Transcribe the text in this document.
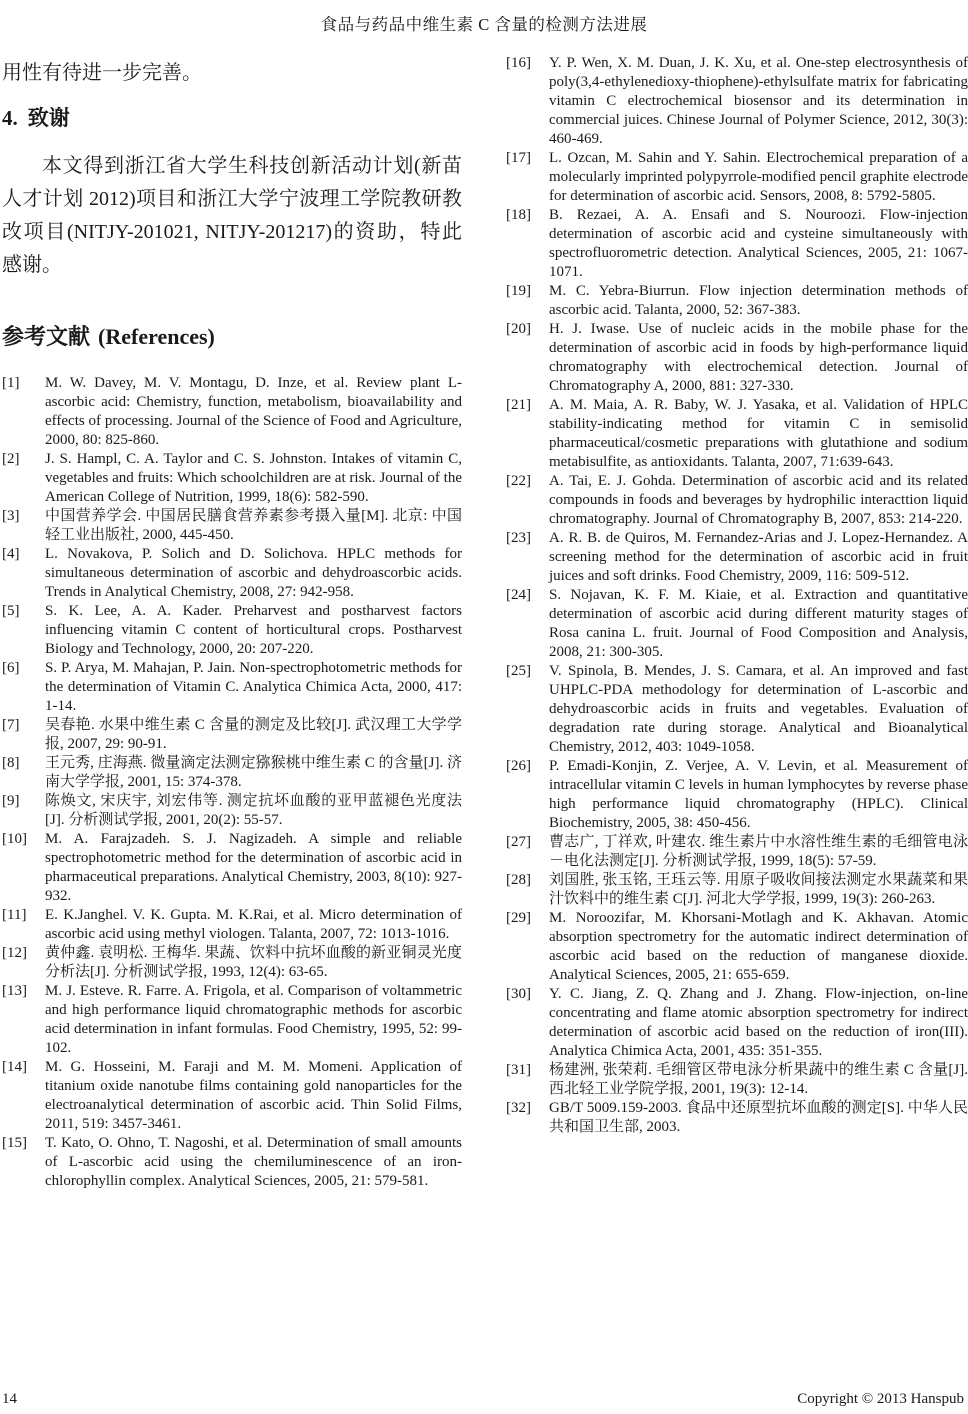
食品与药品中维生素 C 含量的检测方法进展

用性有待进一步完善。

4. 致谢

本文得到浙江省大学生科技创新活动计划(新苗人才计划 2012)项目和浙江大学宁波理工学院教研教改项目(NITJY-201021, NITJY-201217)的资助，特此感谢。

参考文献 (References)
[1] M. W. Davey, M. V. Montagu, D. Inze, et al. Review plant L-ascorbic acid: Chemistry, function, metabolism, bioavailability and effects of processing. Journal of the Science of Food and Agriculture, 2000, 80: 825-860.
[2] J. S. Hampl, C. A. Taylor and C. S. Johnston. Intakes of vitamin C, vegetables and fruits: Which schoolchildren are at risk. Journal of the American College of Nutrition, 1999, 18(6): 582-590.
[3] 中国营养学会. 中国居民膳食营养素参考摄入量[M]. 北京: 中国轻工业出版社, 2000, 445-450.
[4] L. Novakova, P. Solich and D. Solichova. HPLC methods for simultaneous determination of ascorbic and dehydroascorbic acids. Trends in Analytical Chemistry, 2008, 27: 942-958.
[5] S. K. Lee, A. A. Kader. Preharvest and postharvest factors influencing vitamin C content of horticultural crops. Postharvest Biology and Technology, 2000, 20: 207-220.
[6] S. P. Arya, M. Mahajan, P. Jain. Non-spectrophotometric methods for the determination of Vitamin C. Analytica Chimica Acta, 2000, 417: 1-14.
[7] 吴春艳. 水果中维生素 C 含量的测定及比较[J]. 武汉理工大学学报, 2007, 29: 90-91.
[8] 王元秀, 庄海燕. 微量滴定法测定猕猴桃中维生素 C 的含量[J]. 济南大学学报, 2001, 15: 374-378.
[9] 陈焕文, 宋庆宇, 刘宏伟等. 测定抗坏血酸的亚甲蓝褪色光度法[J]. 分析测试学报, 2001, 20(2): 55-57.
[10] M. A. Farajzadeh. S. J. Nagizadeh. A simple and reliable spectrophotometric method for the determination of ascorbic acid in pharmaceutical preparations. Analytical Chemistry, 2003, 8(10): 927-932.
[11] E. K.Janghel. V. K. Gupta. M. K.Rai, et al. Micro determination of ascorbic acid using methyl viologen. Talanta, 2007, 72: 1013-1016.
[12] 黄仲鑫. 袁明松. 王梅华. 果蔬、饮料中抗坏血酸的新亚铜灵光度分析法[J]. 分析测试学报, 1993, 12(4): 63-65.
[13] M. J. Esteve. R. Farre. A. Frigola, et al. Comparison of voltammetric and high performance liquid chromatographic methods for ascorbic acid determination in infant formulas. Food Chemistry, 1995, 52: 99-102.
[14] M. G. Hosseini, M. Faraji and M. M. Momeni. Application of titanium oxide nanotube films containing gold nanoparticles for the electroanalytical determination of ascorbic acid. Thin Solid Films, 2011, 519: 3457-3461.
[15] T. Kato, O. Ohno, T. Nagoshi, et al. Determination of small amounts of L-ascorbic acid using the chemiluminescence of an iron-chlorophyllin complex. Analytical Sciences, 2005, 21: 579-581.
[16] Y. P. Wen, X. M. Duan, J. K. Xu, et al. One-step electrosynthesis of poly(3,4-ethylenedioxy-thiophene)-ethylsulfate matrix for fabricating vitamin C electrochemical biosensor and its determination in commercial juices. Chinese Journal of Polymer Science, 2012, 30(3): 460-469.
[17] L. Ozcan, M. Sahin and Y. Sahin. Electrochemical preparation of a molecularly imprinted polypyrrole-modified pencil graphite electrode for determination of ascorbic acid. Sensors, 2008, 8: 5792-5805.
[18] B. Rezaei, A. A. Ensafi and S. Nouroozi. Flow-injection determination of ascorbic acid and cysteine simultaneously with spectrofluorometric detection. Analytical Sciences, 2005, 21: 1067-1071.
[19] M. C. Yebra-Biurrun. Flow injection determination methods of ascorbic acid. Talanta, 2000, 52: 367-383.
[20] H. J. Iwase. Use of nucleic acids in the mobile phase for the determination of ascorbic acid in foods by high-performance liquid chromatography with electrochemical detection. Journal of Chromatography A, 2000, 881: 327-330.
[21] A. M. Maia, A. R. Baby, W. J. Yasaka, et al. Validation of HPLC stability-indicating method for vitamin C in semisolid pharmaceutical/cosmetic preparations with glutathione and sodium metabisulfite, as antioxidants. Talanta, 2007, 71:639-643.
[22] A. Tai, E. J. Gohda. Determination of ascorbic acid and its related compounds in foods and beverages by hydrophilic interacttion liquid chromatography. Journal of Chromatography B, 2007, 853: 214-220.
[23] A. R. B. de Quiros, M. Fernandez-Arias and J. Lopez-Hernandez. A screening method for the determination of ascorbic acid in fruit juices and soft drinks. Food Chemistry, 2009, 116: 509-512.
[24] S. Nojavan, K. F. M. Kiaie, et al. Extraction and quantitative determination of ascorbic acid during different maturity stages of Rosa canina L. fruit. Journal of Food Composition and Analysis, 2008, 21: 300-305.
[25] V. Spinola, B. Mendes, J. S. Camara, et al. An improved and fast UHPLC-PDA methodology for determination of L-ascorbic and dehydroascorbic acids in fruits and vegetables. Evaluation of degradation rate during storage. Analytical and Bioanalytical Chemistry, 2012, 403: 1049-1058.
[26] P. Emadi-Konjin, Z. Verjee, A. V. Levin, et al. Measurement of intracellular vitamin C levels in human lymphocytes by reverse phase high performance liquid chromatography (HPLC). Clinical Biochemistry, 2005, 38: 450-456.
[27] 曹志广, 丁祥欢, 叶建农. 维生素片中水溶性维生素的毛细管电泳－电化法测定[J]. 分析测试学报, 1999, 18(5): 57-59.
[28] 刘国胜, 张玉铭, 王珏云等. 用原子吸收间接法测定水果蔬菜和果汁饮料中的维生素 C[J]. 河北大学学报, 1999, 19(3): 260-263.
[29] M. Noroozifar, M. Khorsani-Motlagh and K. Akhavan. Atomic absorption spectrometry for the automatic indirect determination of ascorbic acid based on the reduction of manganese dioxide. Analytical Sciences, 2005, 21: 655-659.
[30] Y. C. Jiang, Z. Q. Zhang and J. Zhang. Flow-injection, on-line concentrating and flame atomic absorption spectrometry for indirect determination of ascorbic acid based on the reduction of iron(III). Analytica Chimica Acta, 2001, 435: 351-355.
[31] 杨建洲, 张荣莉. 毛细管区带电泳分析果蔬中的维生素 C 含量[J]. 西北轻工业学院学报, 2001, 19(3): 12-14.
[32] GB/T 5009.159-2003. 食品中还原型抗坏血酸的测定[S]. 中华人民共和国卫生部, 2003.
14	Copyright © 2013 Hanspub
